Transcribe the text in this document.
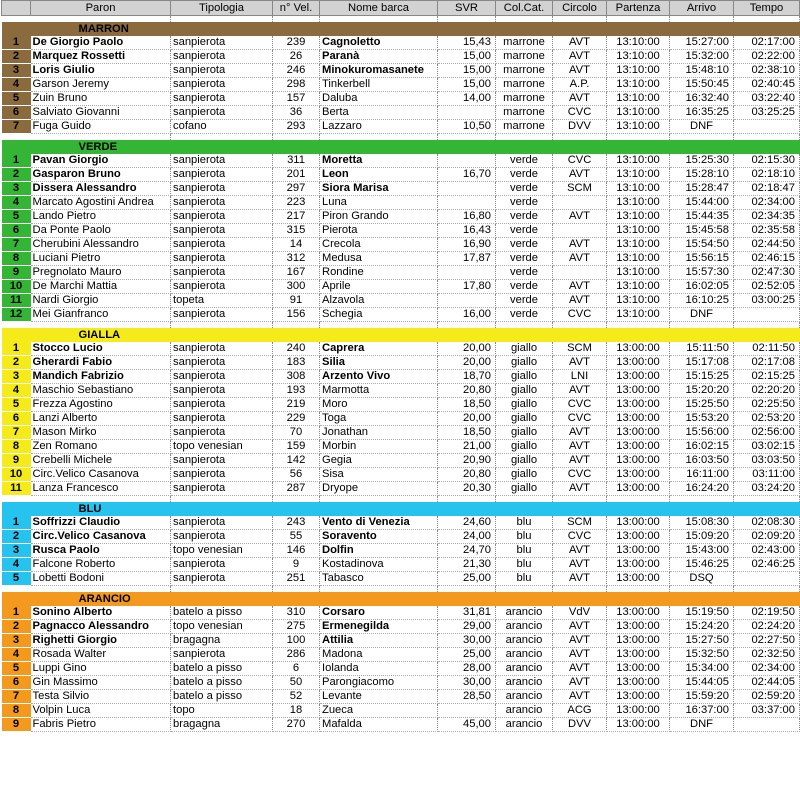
	Paron	Tipologia	n° Vel.	Nome barca	SVR	Col.Cat.	Circolo	Partenza	Arrivo	Tempo

	MARRON									
1	De Giorgio Paolo	sanpierota	239	Cagnoletto	15,43	marrone	AVT	13:10:00	15:27:00	02:17:00
2	Marquez Rossetti	sanpierota	26	Paranà	15,00	marrone	AVT	13:10:00	15:32:00	02:22:00
3	Loris Giulio	sanpierota	246	Minokuromasanete	15,00	marrone	AVT	13:10:00	15:48:10	02:38:10
4	Garson Jeremy	sanpierota	298	Tinkerbell	15,00	marrone	A.P.	13:10:00	15:50:45	02:40:45
5	Zuin Bruno	sanpierota	157	Daluba	14,00	marrone	AVT	13:10:00	16:32:40	03:22:40
6	Salviato Giovanni	sanpierota	36	Berta		marrone	CVC	13:10:00	16:35:25	03:25:25
7	Fuga Guido	cofano	293	Lazzaro	10,50	marrone	DVV	13:10:00	DNF	

	VERDE									
1	Pavan Giorgio	sanpierota	311	Moretta		verde	CVC	13:10:00	15:25:30	02:15:30
2	Gasparon Bruno	sanpierota	201	Leon	16,70	verde	AVT	13:10:00	15:28:10	02:18:10
3	Dissera Alessandro	sanpierota	297	Siora Marisa		verde	SCM	13:10:00	15:28:47	02:18:47
4	Marcato Agostini Andrea	sanpierota	223	Luna		verde		13:10:00	15:44:00	02:34:00
5	Lando Pietro	sanpierota	217	Piron Grando	16,80	verde	AVT	13:10:00	15:44:35	02:34:35
6	Da Ponte Paolo	sanpierota	315	Pierota	16,43	verde		13:10:00	15:45:58	02:35:58
7	Cherubini Alessandro	sanpierota	14	Crecola	16,90	verde	AVT	13:10:00	15:54:50	02:44:50
8	Luciani Pietro	sanpierota	312	Medusa	17,87	verde	AVT	13:10:00	15:56:15	02:46:15
9	Pregnolato Mauro	sanpierota	167	Rondine		verde		13:10:00	15:57:30	02:47:30
10	De Marchi Mattia	sanpierota	300	Aprile	17,80	verde	AVT	13:10:00	16:02:05	02:52:05
11	Nardi Giorgio	topeta	91	Alzavola		verde	AVT	13:10:00	16:10:25	03:00:25
12	Mei Gianfranco	sanpierota	156	Schegia	16,00	verde	CVC	13:10:00	DNF	

	GIALLA									
1	Stocco Lucio	sanpierota	240	Caprera	20,00	giallo	SCM	13:00:00	15:11:50	02:11:50
2	Gherardi Fabio	sanpierota	183	Silia	20,00	giallo	AVT	13:00:00	15:17:08	02:17:08
3	Mandich Fabrizio	sanpierota	308	Arzento Vivo	18,70	giallo	LNI	13:00:00	15:15:25	02:15:25
4	Maschio Sebastiano	sanpierota	193	Marmotta	20,80	giallo	AVT	13:00:00	15:20:20	02:20:20
5	Frezza Agostino	sanpierota	219	Moro	18,50	giallo	CVC	13:00:00	15:25:50	02:25:50
6	Lanzi Alberto	sanpierota	229	Toga	20,00	giallo	CVC	13:00:00	15:53:20	02:53:20
7	Mason Mirko	sanpierota	70	Jonathan	18,50	giallo	AVT	13:00:00	15:56:00	02:56:00
8	Zen Romano	topo venesian	159	Morbin	21,00	giallo	AVT	13:00:00	16:02:15	03:02:15
9	Crebelli Michele	sanpierota	142	Gegia	20,90	giallo	AVT	13:00:00	16:03:50	03:03:50
10	Circ.Velico Casanova	sanpierota	56	Sisa	20,80	giallo	CVC	13:00:00	16:11:00	03:11:00
11	Lanza Francesco	sanpierota	287	Dryope	20,30	giallo	AVT	13:00:00	16:24:20	03:24:20

	BLU									
1	Soffrizzi Claudio	sanpierota	243	Vento di Venezia	24,60	blu	SCM	13:00:00	15:08:30	02:08:30
2	Circ.Velico Casanova	sanpierota	55	Soravento	24,00	blu	CVC	13:00:00	15:09:20	02:09:20
3	Rusca Paolo	topo venesian	146	Dolfin	24,70	blu	AVT	13:00:00	15:43:00	02:43:00
4	Falcone Roberto	sanpierota	9	Kostadinova	21,30	blu	AVT	13:00:00	15:46:25	02:46:25
5	Lobetti Bodoni	sanpierota	251	Tabasco	25,00	blu	AVT	13:00:00	DSQ	

	ARANCIO									
1	Sonino Alberto	batelo a pisso	310	Corsaro	31,81	arancio	VdV	13:00:00	15:19:50	02:19:50
2	Pagnacco Alessandro	topo venesian	275	Ermenegilda	29,00	arancio	AVT	13:00:00	15:24:20	02:24:20
3	Righetti Giorgio	bragagna	100	Attilia	30,00	arancio	AVT	13:00:00	15:27:50	02:27:50
4	Rosada Walter	sanpierota	286	Madona	25,00	arancio	AVT	13:00:00	15:32:50	02:32:50
5	Luppi Gino	batelo a pisso	6	Iolanda	28,00	arancio	AVT	13:00:00	15:34:00	02:34:00
6	Gin Massimo	batelo a pisso	50	Parongiacomo	30,00	arancio	AVT	13:00:00	15:44:05	02:44:05
7	Testa Silvio	batelo a pisso	52	Levante	28,50	arancio	AVT	13:00:00	15:59:20	02:59:20
8	Volpin Luca	topo	18	Zueca		arancio	ACG	13:00:00	16:37:00	03:37:00
9	Fabris Pietro	bragagna	270	Mafalda	45,00	arancio	DVV	13:00:00	DNF	
